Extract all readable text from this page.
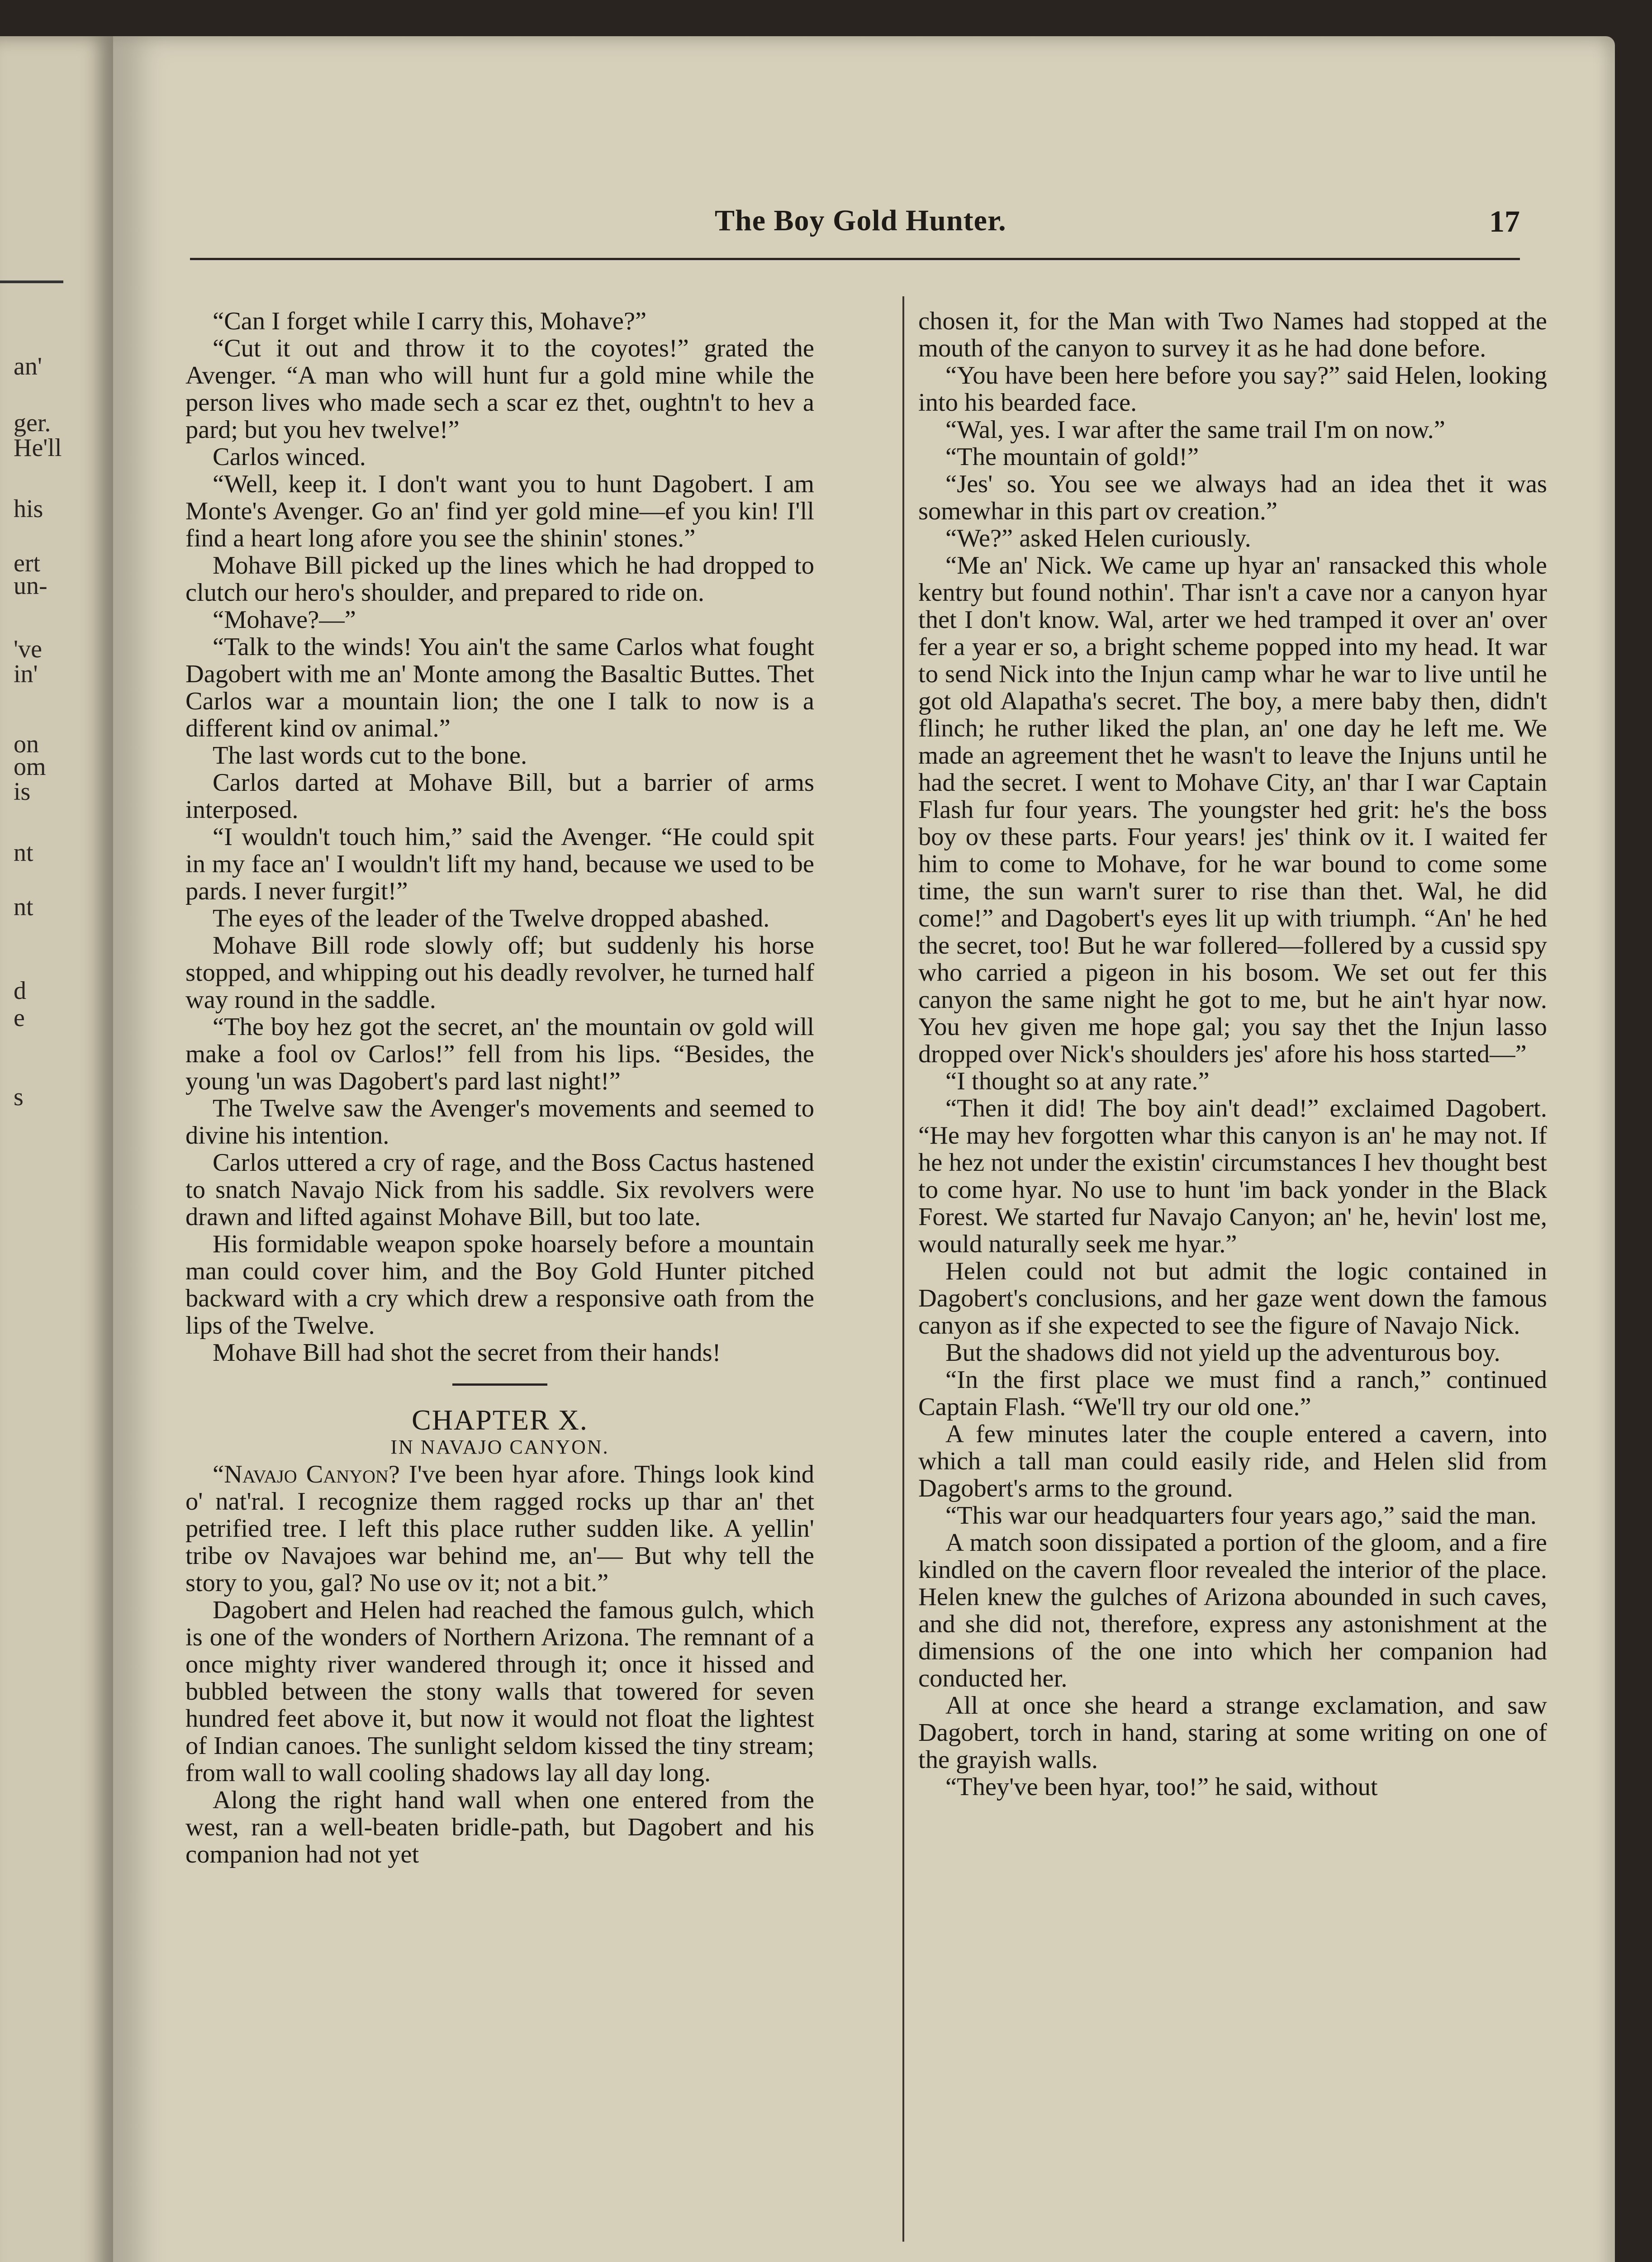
an'
ger.
He'll
his
ert
un-
've
in'
on
om
is
nt
nt
d
e
s
The Boy Gold Hunter.	17

“Can I forget while I carry this, Mohave?”

“Cut it out and throw it to the coyotes!” grated the Avenger. “A man who will hunt fur a gold mine while the person lives who made sech a scar ez thet, oughtn't to hev a pard; but you hev twelve!”

Carlos winced.

“Well, keep it. I don't want you to hunt Dagobert. I am Monte's Avenger. Go an' find yer gold mine—ef you kin! I'll find a heart long afore you see the shinin' stones.”

Mohave Bill picked up the lines which he had dropped to clutch our hero's shoulder, and prepared to ride on.

“Mohave?—”

“Talk to the winds! You ain't the same Carlos what fought Dagobert with me an' Monte among the Basaltic Buttes. Thet Carlos war a mountain lion; the one I talk to now is a different kind ov animal.”

The last words cut to the bone.

Carlos darted at Mohave Bill, but a barrier of arms interposed.

“I wouldn't touch him,” said the Avenger. “He could spit in my face an' I wouldn't lift my hand, because we used to be pards. I never furgit!”

The eyes of the leader of the Twelve dropped abashed.

Mohave Bill rode slowly off; but suddenly his horse stopped, and whipping out his deadly revolver, he turned half way round in the saddle.

“The boy hez got the secret, an' the mountain ov gold will make a fool ov Carlos!” fell from his lips. “Besides, the young 'un was Dagobert's pard last night!”

The Twelve saw the Avenger's movements and seemed to divine his intention.

Carlos uttered a cry of rage, and the Boss Cactus hastened to snatch Navajo Nick from his saddle. Six revolvers were drawn and lifted against Mohave Bill, but too late.

His formidable weapon spoke hoarsely before a mountain man could cover him, and the Boy Gold Hunter pitched backward with a cry which drew a responsive oath from the lips of the Twelve.

Mohave Bill had shot the secret from their hands!

CHAPTER X.

IN NAVAJO CANYON.

“Navajo Canyon? I've been hyar afore. Things look kind o' nat'ral. I recognize them ragged rocks up thar an' thet petrified tree. I left this place ruther sudden like. A yellin' tribe ov Navajoes war behind me, an'— But why tell the story to you, gal? No use ov it; not a bit.”

Dagobert and Helen had reached the famous gulch, which is one of the wonders of Northern Arizona. The remnant of a once mighty river wandered through it; once it hissed and bubbled between the stony walls that towered for seven hundred feet above it, but now it would not float the lightest of Indian canoes. The sunlight seldom kissed the tiny stream; from wall to wall cooling shadows lay all day long.

Along the right hand wall when one entered from the west, ran a well-beaten bridle-path, but Dagobert and his companion had not yet

chosen it, for the Man with Two Names had stopped at the mouth of the canyon to survey it as he had done before.

“You have been here before you say?” said Helen, looking into his bearded face.

“Wal, yes. I war after the same trail I'm on now.”

“The mountain of gold!”

“Jes' so. You see we always had an idea thet it was somewhar in this part ov creation.”

“We?” asked Helen curiously.

“Me an' Nick. We came up hyar an' ransacked this whole kentry but found nothin'. Thar isn't a cave nor a canyon hyar thet I don't know. Wal, arter we hed tramped it over an' over fer a year er so, a bright scheme popped into my head. It war to send Nick into the Injun camp whar he war to live until he got old Alapatha's secret. The boy, a mere baby then, didn't flinch; he ruther liked the plan, an' one day he left me. We made an agreement thet he wasn't to leave the Injuns until he had the secret. I went to Mohave City, an' thar I war Captain Flash fur four years. The youngster hed grit: he's the boss boy ov these parts. Four years! jes' think ov it. I waited fer him to come to Mohave, for he war bound to come some time, the sun warn't surer to rise than thet. Wal, he did come!” and Dagobert's eyes lit up with triumph. “An' he hed the secret, too! But he war follered—follered by a cussid spy who carried a pigeon in his bosom. We set out fer this canyon the same night he got to me, but he ain't hyar now. You hev given me hope gal; you say thet the Injun lasso dropped over Nick's shoulders jes' afore his hoss started—”

“I thought so at any rate.”

“Then it did! The boy ain't dead!” exclaimed Dagobert. “He may hev forgotten whar this canyon is an' he may not. If he hez not under the existin' circumstances I hev thought best to come hyar. No use to hunt 'im back yonder in the Black Forest. We started fur Navajo Canyon; an' he, hevin' lost me, would naturally seek me hyar.”

Helen could not but admit the logic contained in Dagobert's conclusions, and her gaze went down the famous canyon as if she expected to see the figure of Navajo Nick.

But the shadows did not yield up the adventurous boy.

“In the first place we must find a ranch,” continued Captain Flash. “We'll try our old one.”

A few minutes later the couple entered a cavern, into which a tall man could easily ride, and Helen slid from Dagobert's arms to the ground.

“This war our headquarters four years ago,” said the man.

A match soon dissipated a portion of the gloom, and a fire kindled on the cavern floor revealed the interior of the place. Helen knew the gulches of Arizona abounded in such caves, and she did not, therefore, express any astonishment at the dimensions of the one into which her companion had conducted her.

All at once she heard a strange exclamation, and saw Dagobert, torch in hand, staring at some writing on one of the grayish walls.

“They've been hyar, too!” he said, without
